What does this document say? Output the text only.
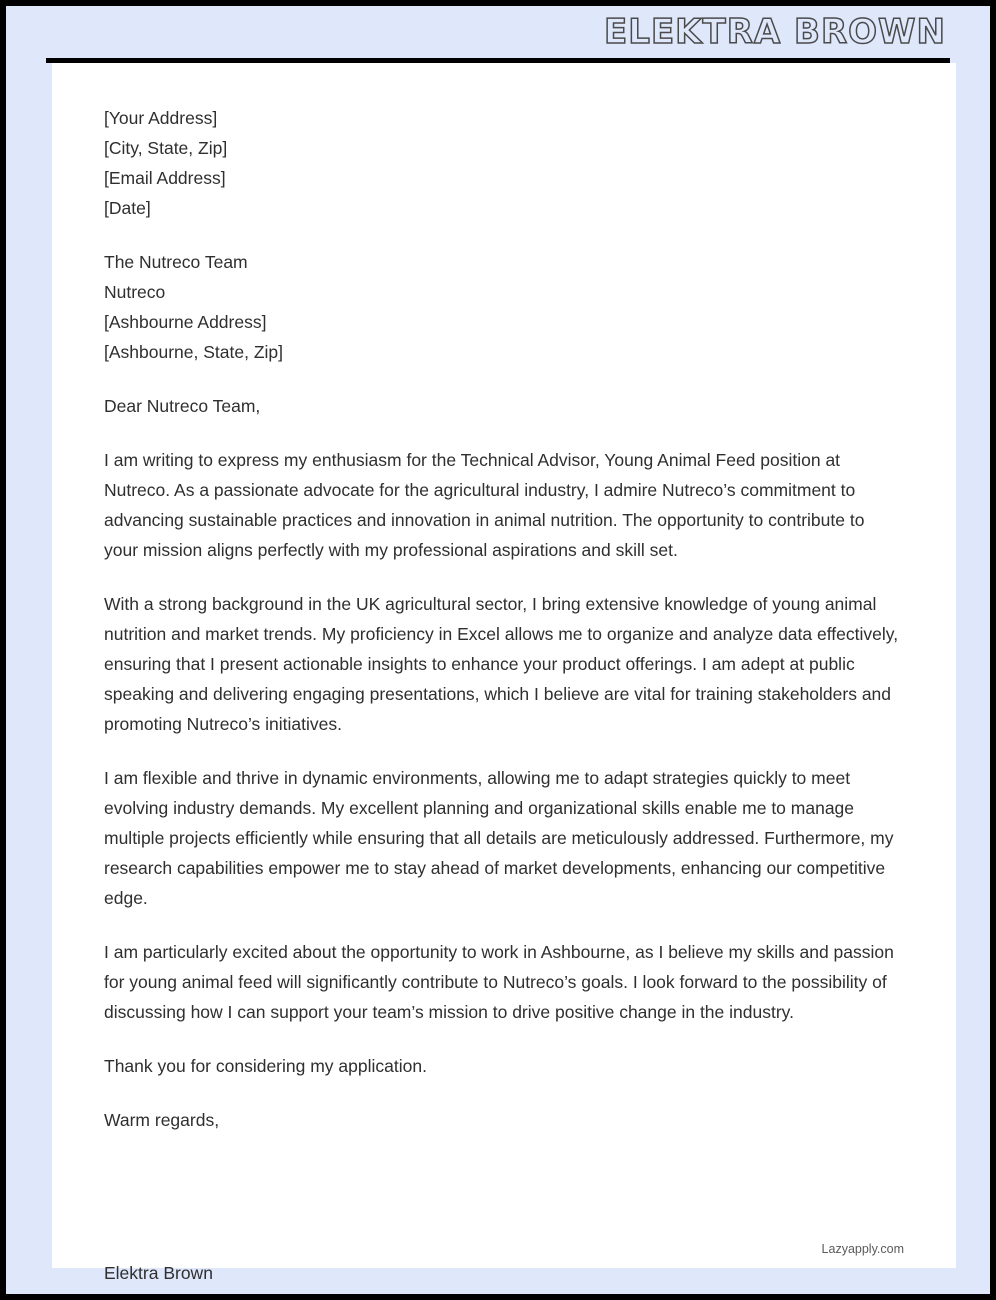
ELEKTRA BROWN
[Your Address]
[City, State, Zip]
[Email Address]
[Date]
The Nutreco Team
Nutreco
[Ashbourne Address]
[Ashbourne, State, Zip]

Dear Nutreco Team,

I am writing to express my enthusiasm for the Technical Advisor, Young Animal Feed position at Nutreco. As a passionate advocate for the agricultural industry, I admire Nutreco’s commitment to advancing sustainable practices and innovation in animal nutrition. The opportunity to contribute to your mission aligns perfectly with my professional aspirations and skill set.

With a strong background in the UK agricultural sector, I bring extensive knowledge of young animal nutrition and market trends. My proficiency in Excel allows me to organize and analyze data effectively, ensuring that I present actionable insights to enhance your product offerings. I am adept at public speaking and delivering engaging presentations, which I believe are vital for training stakeholders and promoting Nutreco’s initiatives.

I am flexible and thrive in dynamic environments, allowing me to adapt strategies quickly to meet evolving industry demands. My excellent planning and organizational skills enable me to manage multiple projects efficiently while ensuring that all details are meticulously addressed. Furthermore, my research capabilities empower me to stay ahead of market developments, enhancing our competitive edge.

I am particularly excited about the opportunity to work in Ashbourne, as I believe my skills and passion for young animal feed will significantly contribute to Nutreco’s goals. I look forward to the possibility of discussing how I can support your team’s mission to drive positive change in the industry.

Thank you for considering my application.

Warm regards,

Lazyapply.com
Elektra Brown
